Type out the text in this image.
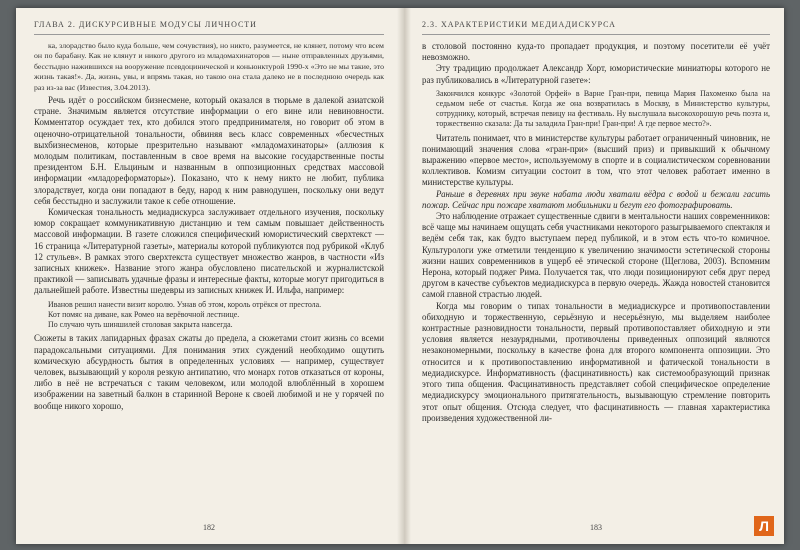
ГЛАВА 2. ДИСКУРСИВНЫЕ МОДУСЫ ЛИЧНОСТИ

ка, злорадство было куда больше, чем сочувствия), но никто, разумеется, не клянет, потому что всем он по барабану. Как не клянут и никого другого из младомахинаторов — ныне отправленных друзьями, бесстыдно нажившихся на вооружение псевдоцинической и коньюнктурой 1990-х «Это не мы такие, это жизнь такая!». Да, жизнь, увы, и впрямь такая, но такою она стала далеко не в последнюю очередь как раз из-за вас (Известия, 3.04.2013).

Речь идёт о российском бизнесмене, который оказался в тюрьме в далекой азиатской стране. Значимым является отсутствие информации о его вине или невиновности. Комментатор осуждает тех, кто добился этого предпринимателя, но говорит об этом в оценочно-отрицательной тональности, обвиняя весь класс современных «бесчестных выхбизнесменов, которые презрительно называют «младомахинаторы» (аллюзия к молодым политикам, поставленным в свое время на высокие государственные посты президентом Б.Н. Ельциным и названным в оппозиционных средствах массовой информации «младореформаторы»). Показано, что к нему никто не любит, публика злорадствует, когда они попадают в беду, народ к ним равнодушен, поскольку они ведут себя бесстыдно и заслужили такое к себе отношение.

Комическая тональность медиадискурса заслуживает отдельного изучения, поскольку юмор сокращает коммуникативную дистанцию и тем самым повышает действенность массовой информации. В газете сложился специфический юмористический сверхтекст — 16 страница «Литературной газеты», материалы которой публикуются под рубрикой «Клуб 12 стульев». В рамках этого сверхтекста существует множество жанров, в частности «Из записных книжек». Название этого жанра обусловлено писательской и журналистской практикой — записывать удачные фразы и интересные факты, которые могут пригодиться в дальнейшей работе. Известны шедевры из записных книжек И. Ильфа, например:

Иванов решил нанести визит королю. Узнав об этом, король отрёкся от престола.
Кот помяс на диване, как Ромео на верёвочной лестнице.
По случаю чуть шиншилей столовая закрыта навсегда.

Сюжеты в таких лапидарных фразах сжаты до предела, а сюжетами стоит жизнь со всеми парадоксальными ситуациями. Для понимания этих суждений необходимо ощутить комическую абсурдность бытия в определенных условиях — например, существует человек, вызывающий у короля резкую антипатию, что монарх готов отказаться от короны, либо в неё не встречаться с таким человеком, или молодой влюблённый в хорошем изображении на заветный балкон в старинной Вероне к своей любимой и не у горячей по вообще никого хорошо,

182
2.3. ХАРАКТЕРИСТИКИ МЕДИАДИСКУРСА

в столовой постоянно куда-то пропадает продукция, и поэтому посетители её учёт невозможно.

Эту традицию продолжает Александр Хорт, юмористические миниатюры которого не раз публиковались в «Литературной газете»:

Закончился конкурс «Золотой Орфей» в Варне Гран-при, певица Мария Пахоменко была на седьмом небе от счастья. Когда же она возвратилась в Москву, в Министерство культуры, сотруднику, который, встречая певицу на фестиваль. Ну выслушала высокохорошую речь поэта и, торжественно сказала: Да ты заладила Гран-при! Гран-при! А где первое место?».

Читатель понимает, что в министерстве культуры работает ограниченный чиновник, не понимающий значения слова «гран-при» (высший приз) и привыкший к обычному выражению «первое место», используемому в спорте и в социалистическом соревновании коллективов. Комизм ситуации состоит в том, что этот человек работает именно в министерстве культуры.

Раньше в деревнях при звуке набата люди хватали вёдра с водой и бежали гасить пожар. Сейчас при пожаре хватают мобильники и бегут его фотографировать.

Это наблюдение отражает существенные сдвиги в ментальности наших современников: всё чаще мы начинаем ощущать себя участниками некоторого разыгрываемого спектакля и ведём себя так, как будто выступаем перед публикой, и в этом есть что-то комичное. Культурологи уже отметили тенденцию к увеличению значимости эстетической стороны жизни наших современников в ущерб её этической стороне (Щеглова, 2003). Вспомним Нерона, который поджег Рима. Получается так, что люди позиционируют себя друг перед другом в качестве субъектов медиадискурса в первую очередь. Жажда новостей становится самой главной страстью людей.

Когда мы говорим о типах тональности в медиадискурсе и противопоставлении обиходную и торжественную, серьёзную и несерьёзную, мы выделяем наиболее контрастные разновидности тональности, первый противопоставляет обиходную и эти условия является незаурядными, противочлены приведенных оппозиций являются незакономерными, поскольку в качестве фона для второго компонента оппозиции. Это относится и к противопоставлению информативной и фатической тональности в медиадискурсе. Информативность (фасцинативность) как системообразующий признак этого типа общения. Фасцинативность представляет собой специфическое определение медиадискурсу эмоционального притягательность, вызывающую стремление повторить этот опыт общения. Отсюда следует, что фасцинативность — главная характеристика произведения художественной ли-

183	Л
